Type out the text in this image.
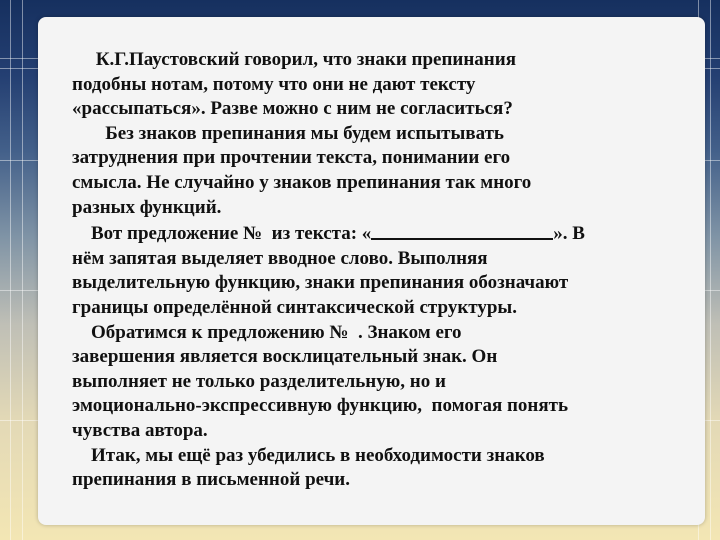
К.Г.Паустовский говорил, что знаки препинания
подобны нотам, потому что они не дают тексту
«рассыпаться». Разве можно с ним не согласиться?
Без знаков препинания мы будем испытывать
затруднения при прочтении текста, понимании его
смысла. Не случайно у знаков препинания так много
разных функций.
Вот предложение №  из текста: «	». В
нём запятая выделяет вводное слово. Выполняя
выделительную функцию, знаки препинания обозначают
границы определённой синтаксической структуры.
Обратимся к предложению №  . Знаком его
завершения является восклицательный знак. Он
выполняет не только разделительную, но и
эмоционально-экспрессивную функцию,  помогая понять
чувства автора.
Итак, мы ещё раз убедились в необходимости знаков
препинания в письменной речи.
